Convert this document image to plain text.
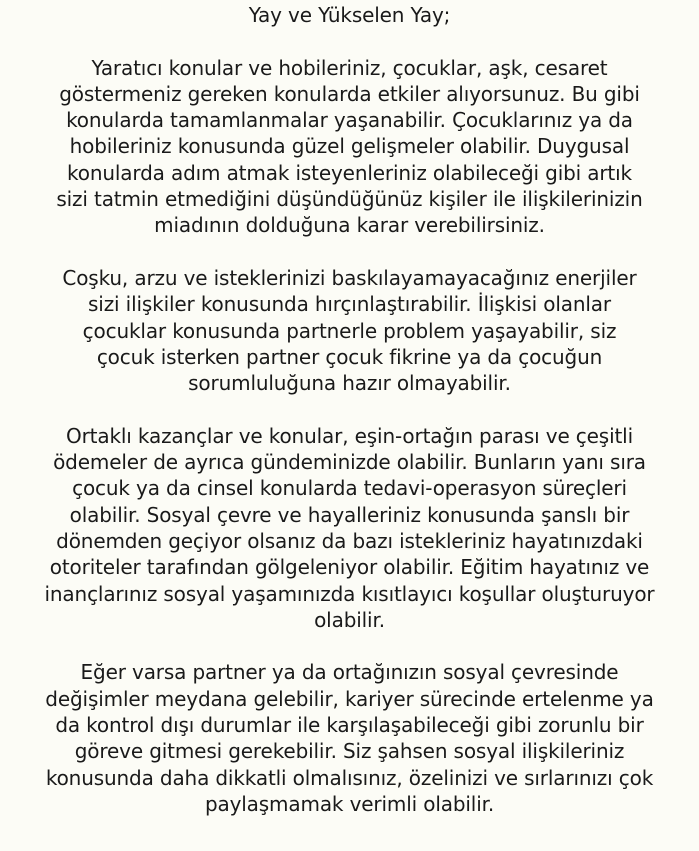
Yay ve Yükselen Yay;
Yaratıcı konular ve hobileriniz, çocuklar, aşk, cesaret
göstermeniz gereken konularda etkiler alıyorsunuz. Bu gibi
konularda tamamlanmalar yaşanabilir. Çocuklarınız ya da
hobileriniz konusunda güzel gelişmeler olabilir. Duygusal
konularda adım atmak isteyenleriniz olabileceği gibi artık
sizi tatmin etmediğini düşündüğünüz kişiler ile ilişkilerinizin
miadının dolduğuna karar verebilirsiniz.
Coşku, arzu ve isteklerinizi baskılayamayacağınız enerjiler
sizi ilişkiler konusunda hırçınlaştırabilir. İlişkisi olanlar
çocuklar konusunda partnerle problem yaşayabilir, siz
çocuk isterken partner çocuk fikrine ya da çocuğun
sorumluluğuna hazır olmayabilir.
Ortaklı kazançlar ve konular, eşin-ortağın parası ve çeşitli
ödemeler de ayrıca gündeminizde olabilir. Bunların yanı sıra
çocuk ya da cinsel konularda tedavi-operasyon süreçleri
olabilir. Sosyal çevre ve hayalleriniz konusunda şanslı bir
dönemden geçiyor olsanız da bazı istekleriniz hayatınızdaki
otoriteler tarafından gölgeleniyor olabilir. Eğitim hayatınız ve
inançlarınız sosyal yaşamınızda kısıtlayıcı koşullar oluşturuyor
olabilir.
Eğer varsa partner ya da ortağınızın sosyal çevresinde
değişimler meydana gelebilir, kariyer sürecinde ertelenme ya
da kontrol dışı durumlar ile karşılaşabileceği gibi zorunlu bir
göreve gitmesi gerekebilir. Siz şahsen sosyal ilişkileriniz
konusunda daha dikkatli olmalısınız, özelinizi ve sırlarınızı çok
paylaşmamak verimli olabilir.
